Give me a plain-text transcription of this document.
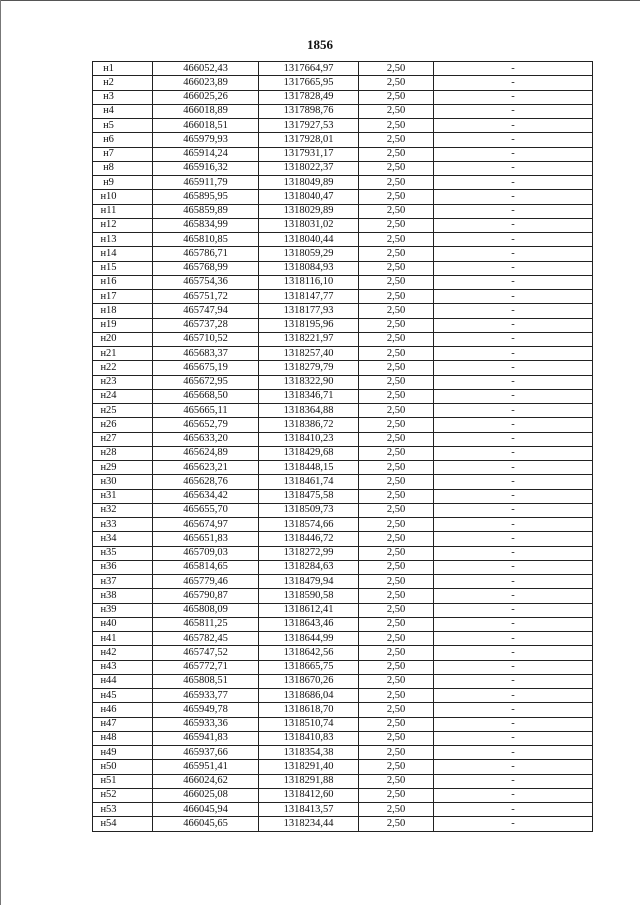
1856
н1	466052,43	1317664,97	2,50	-
н2	466023,89	1317665,95	2,50	-
н3	466025,26	1317828,49	2,50	-
н4	466018,89	1317898,76	2,50	-
н5	466018,51	1317927,53	2,50	-
н6	465979,93	1317928,01	2,50	-
н7	465914,24	1317931,17	2,50	-
н8	465916,32	1318022,37	2,50	-
н9	465911,79	1318049,89	2,50	-
н10	465895,95	1318040,47	2,50	-
н11	465859,89	1318029,89	2,50	-
н12	465834,99	1318031,02	2,50	-
н13	465810,85	1318040,44	2,50	-
н14	465786,71	1318059,29	2,50	-
н15	465768,99	1318084,93	2,50	-
н16	465754,36	1318116,10	2,50	-
н17	465751,72	1318147,77	2,50	-
н18	465747,94	1318177,93	2,50	-
н19	465737,28	1318195,96	2,50	-
н20	465710,52	1318221,97	2,50	-
н21	465683,37	1318257,40	2,50	-
н22	465675,19	1318279,79	2,50	-
н23	465672,95	1318322,90	2,50	-
н24	465668,50	1318346,71	2,50	-
н25	465665,11	1318364,88	2,50	-
н26	465652,79	1318386,72	2,50	-
н27	465633,20	1318410,23	2,50	-
н28	465624,89	1318429,68	2,50	-
н29	465623,21	1318448,15	2,50	-
н30	465628,76	1318461,74	2,50	-
н31	465634,42	1318475,58	2,50	-
н32	465655,70	1318509,73	2,50	-
н33	465674,97	1318574,66	2,50	-
н34	465651,83	1318446,72	2,50	-
н35	465709,03	1318272,99	2,50	-
н36	465814,65	1318284,63	2,50	-
н37	465779,46	1318479,94	2,50	-
н38	465790,87	1318590,58	2,50	-
н39	465808,09	1318612,41	2,50	-
н40	465811,25	1318643,46	2,50	-
н41	465782,45	1318644,99	2,50	-
н42	465747,52	1318642,56	2,50	-
н43	465772,71	1318665,75	2,50	-
н44	465808,51	1318670,26	2,50	-
н45	465933,77	1318686,04	2,50	-
н46	465949,78	1318618,70	2,50	-
н47	465933,36	1318510,74	2,50	-
н48	465941,83	1318410,83	2,50	-
н49	465937,66	1318354,38	2,50	-
н50	465951,41	1318291,40	2,50	-
н51	466024,62	1318291,88	2,50	-
н52	466025,08	1318412,60	2,50	-
н53	466045,94	1318413,57	2,50	-
н54	466045,65	1318234,44	2,50	-
